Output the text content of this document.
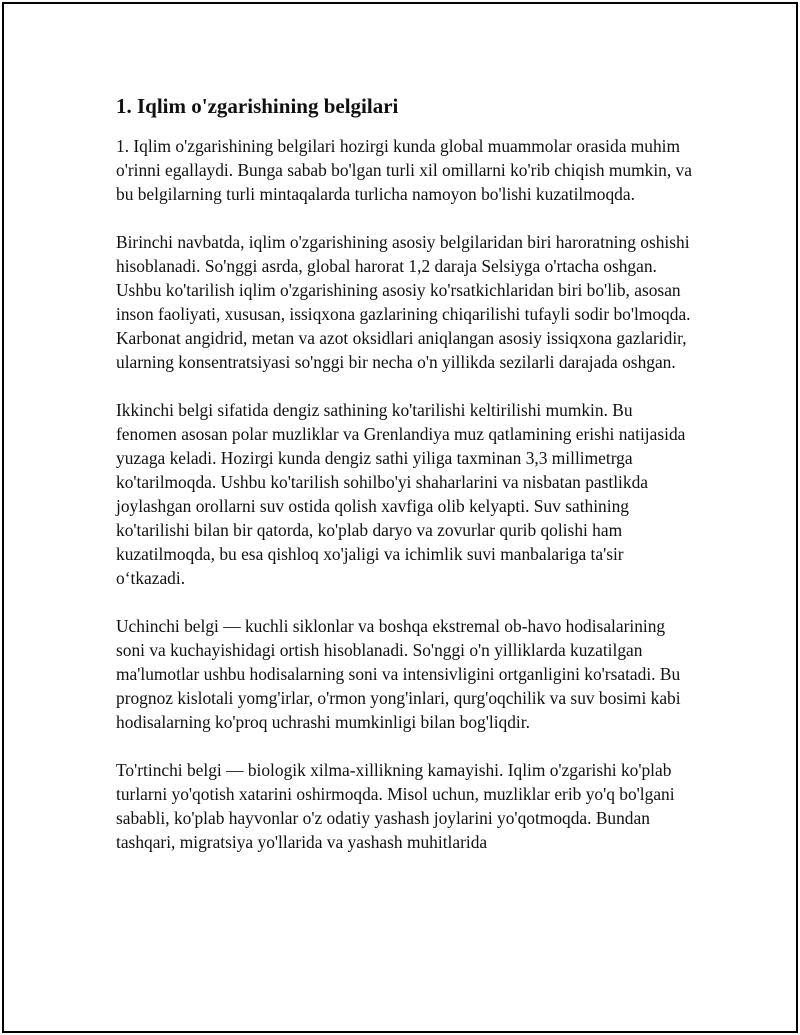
1. Iqlim o'zgarishining belgilari

1. Iqlim o'zgarishining belgilari hozirgi kunda global muammolar orasida muhim o'rinni egallaydi. Bunga sabab bo'lgan turli xil omillarni ko'rib chiqish mumkin, va bu belgilarning turli mintaqalarda turlicha namoyon bo'lishi kuzatilmoqda.

Birinchi navbatda, iqlim o'zgarishining asosiy belgilaridan biri haroratning oshishi hisoblanadi. So'nggi asrda, global harorat 1,2 daraja Selsiyga o'rtacha oshgan. Ushbu ko'tarilish iqlim o'zgarishining asosiy ko'rsatkichlaridan biri bo'lib, asosan inson faoliyati, xususan, issiqxona gazlarining chiqarilishi tufayli sodir bo'lmoqda. Karbonat angidrid, metan va azot oksidlari aniqlangan asosiy issiqxona gazlaridir, ularning konsentratsiyasi so'nggi bir necha o'n yillikda sezilarli darajada oshgan.

Ikkinchi belgi sifatida dengiz sathining ko'tarilishi keltirilishi mumkin. Bu fenomen asosan polar muzliklar va Grenlandiya muz qatlamining erishi natijasida yuzaga keladi. Hozirgi kunda dengiz sathi yiliga taxminan 3,3 millimetrga ko'tarilmoqda. Ushbu ko'tarilish sohilbo'yi shaharlarini va nisbatan pastlikda joylashgan orollarni suv ostida qolish xavfiga olib kelyapti. Suv sathining ko'tarilishi bilan bir qatorda, ko'plab daryo va zovurlar qurib qolishi ham kuzatilmoqda, bu esa qishloq xo'jaligi va ichimlik suvi manbalariga ta'sir o‘tkazadi.

Uchinchi belgi — kuchli siklonlar va boshqa ekstremal ob-havo hodisalarining soni va kuchayishidagi ortish hisoblanadi. So'nggi o'n yilliklarda kuzatilgan ma'lumotlar ushbu hodisalarning soni va intensivligini ortganligini ko'rsatadi. Bu prognoz kislotali yomg'irlar, o'rmon yong'inlari, qurg'oqchilik va suv bosimi kabi hodisalarning ko'proq uchrashi mumkinligi bilan bog'liqdir.

To'rtinchi belgi — biologik xilma-xillikning kamayishi. Iqlim o'zgarishi ko'plab turlarni yo'qotish xatarini oshirmoqda. Misol uchun, muzliklar erib yo'q bo'lgani sababli, ko'plab hayvonlar o'z odatiy yashash joylarini yo'qotmoqda. Bundan tashqari, migratsiya yo'llarida va yashash muhitlarida
